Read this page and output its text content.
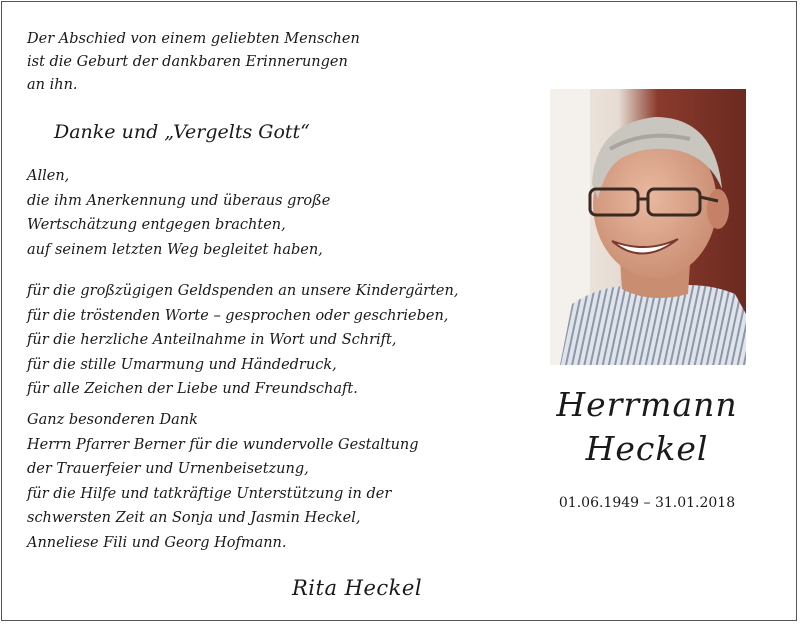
Der Abschied von einem geliebten Menschen
ist die Geburt der dankbaren Erinnerungen
an ihn.
Danke und „Vergelts Gott“
Allen,
die ihm Anerkennung und überaus große
Wertschätzung entgegen brachten,
auf seinem letzten Weg begleitet haben,
für die großzügigen Geldspenden an unsere Kindergärten,
für die tröstenden Worte – gesprochen oder geschrieben,
für die herzliche Anteilnahme in Wort und Schrift,
für die stille Umarmung und Händedruck,
für alle Zeichen der Liebe und Freundschaft.
Ganz besonderen Dank
Herrn Pfarrer Berner für die wundervolle Gestaltung
der Trauerfeier und Urnenbeisetzung,
für die Hilfe und tatkräftige Unterstützung in der
schwersten Zeit an Sonja und Jasmin Heckel,
Anneliese Fili und Georg Hofmann.
Rita Heckel
Herrmann
Heckel
01.06.1949 – 31.01.2018
